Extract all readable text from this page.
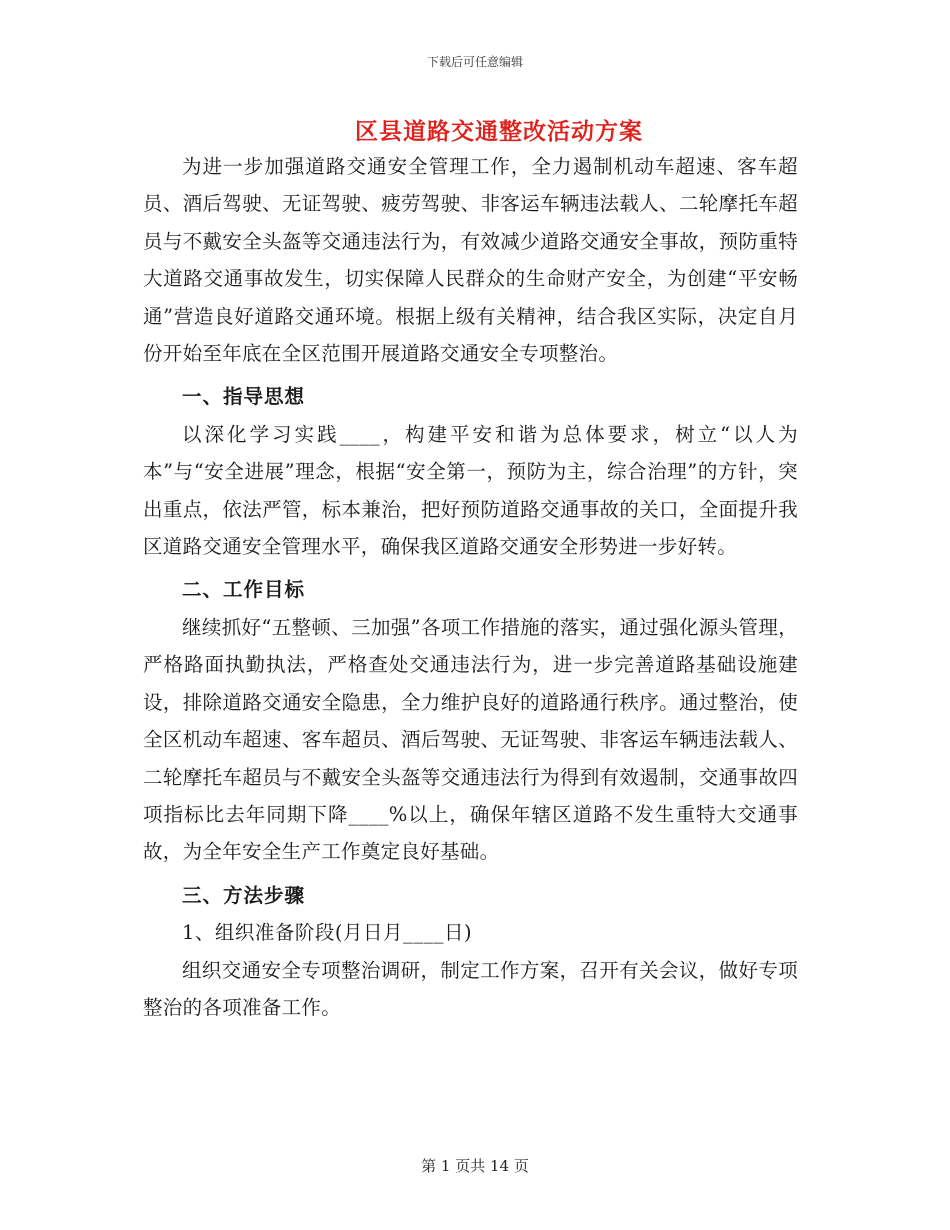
下载后可任意编辑
区县道路交通整改活动方案

为进一步加强道路交通安全管理工作，全力遏制机动车超速、客车超员、酒后驾驶、无证驾驶、疲劳驾驶、非客运车辆违法载人、二轮摩托车超员与不戴安全头盔等交通违法行为，有效减少道路交通安全事故，预防重特大道路交通事故发生，切实保障人民群众的生命财产安全，为创建“平安畅通”营造良好道路交通环境。根据上级有关精神，结合我区实际，决定自月份开始至年底在全区范围开展道路交通安全专项整治。

一、指导思想

以深化学习实践____，构建平安和谐为总体要求，树立“以人为本”与“安全进展”理念，根据“安全第一，预防为主，综合治理”的方针，突出重点，依法严管，标本兼治，把好预防道路交通事故的关口，全面提升我区道路交通安全管理水平，确保我区道路交通安全形势进一步好转。

二、工作目标

继续抓好“五整顿、三加强”各项工作措施的落实，通过强化源头管理，严格路面执勤执法，严格查处交通违法行为，进一步完善道路基础设施建设，排除道路交通安全隐患，全力维护良好的道路通行秩序。通过整治，使全区机动车超速、客车超员、酒后驾驶、无证驾驶、非客运车辆违法载人、二轮摩托车超员与不戴安全头盔等交通违法行为得到有效遏制，交通事故四项指标比去年同期下降____%以上，确保年辖区道路不发生重特大交通事故，为全年安全生产工作奠定良好基础。

三、方法步骤

1、组织准备阶段(月日月____日)

组织交通安全专项整治调研，制定工作方案，召开有关会议，做好专项整治的各项准备工作。

第 1 页共 14 页
